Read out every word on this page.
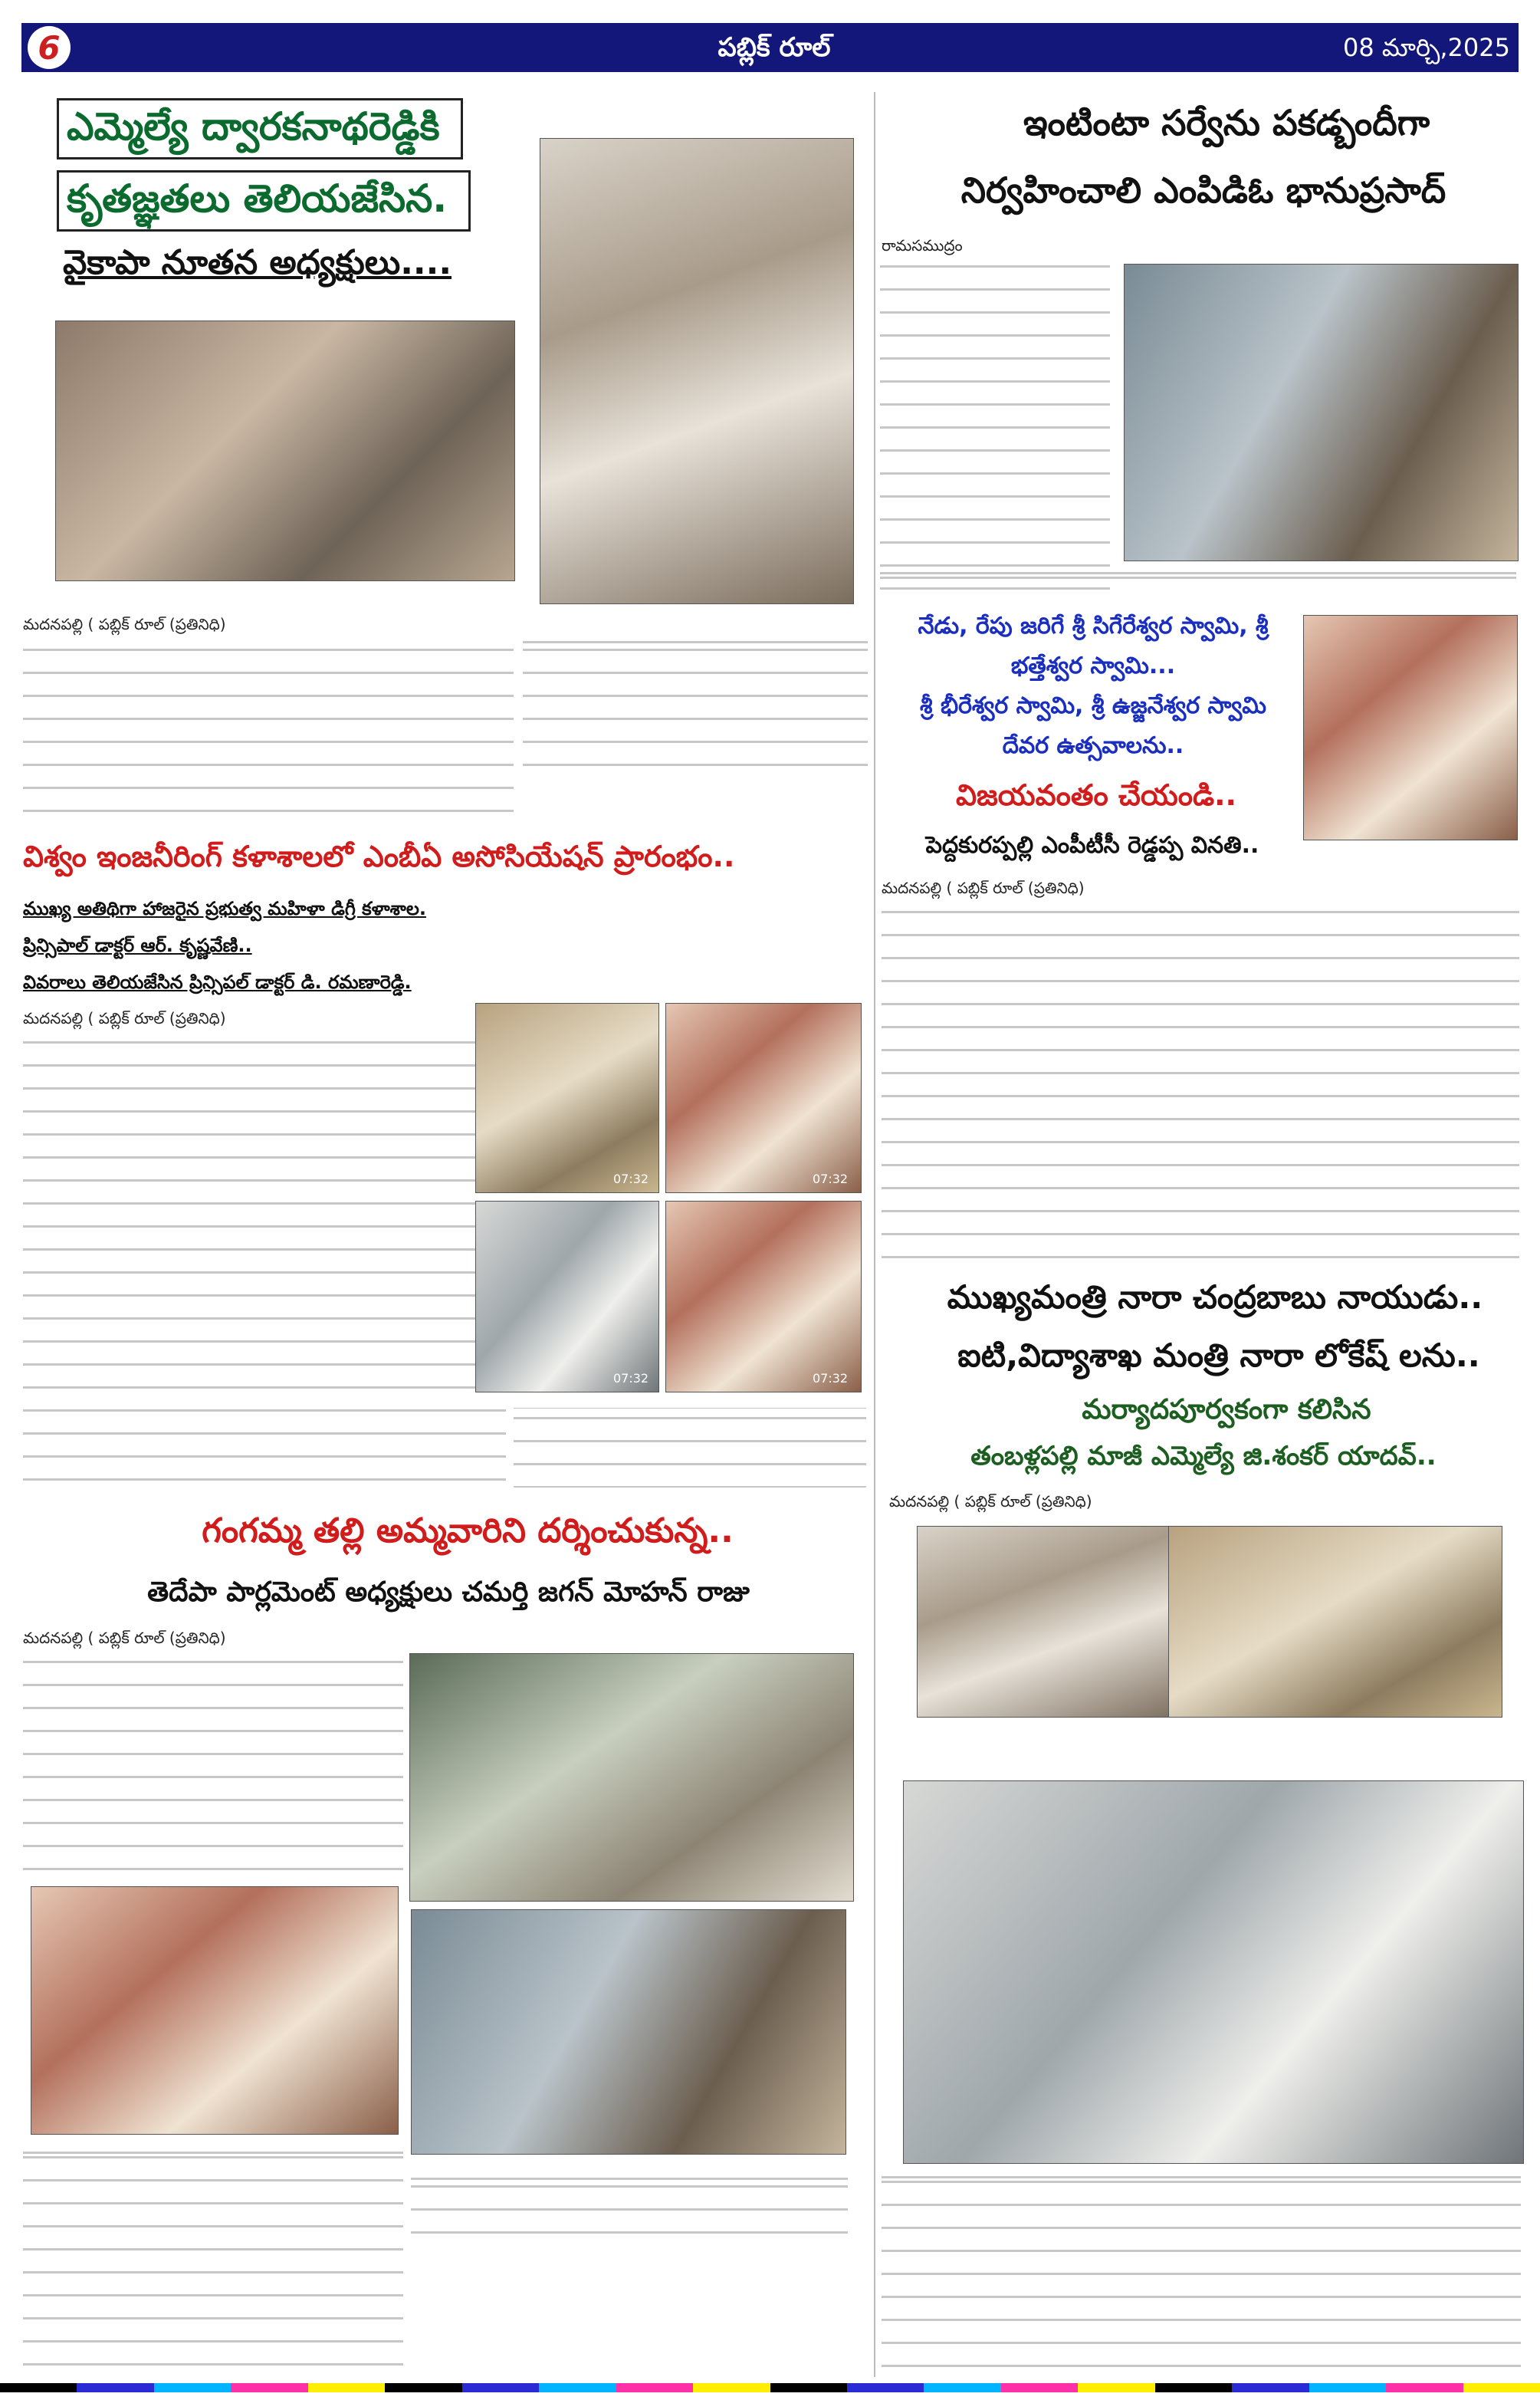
6	పబ్లిక్ రూల్	08 మార్చి,2025
ఎమ్మెల్యే ద్వారకనాథరెడ్డికి
కృతజ్ఞతలు తెలియజేసిన.
వైకాపా నూతన అధ్యక్షులు....
మదనపల్లి ( పబ్లిక్ రూల్ (ప్రతినిధి)
ఇంటింటా సర్వేను పకడ్బందీగా
నిర్వహించాలి ఎంపిడిఓ భానుప్రసాద్
రామసముద్రం
నేడు, రేపు జరిగే శ్రీ సిగేరేశ్వర స్వామి, శ్రీ
భత్తేశ్వర స్వామి...
శ్రీ భీరేశ్వర స్వామి, శ్రీ ఉజ్జనేశ్వర స్వామి
దేవర ఉత్సవాలను..
విజయవంతం చేయండి..
పెద్దకురప్పల్లి ఎంపీటీసీ రెడ్డప్ప వినతి..
మదనపల్లి ( పబ్లిక్ రూల్ (ప్రతినిధి)
విశ్వం ఇంజనీరింగ్ కళాశాలలో ఎంబీఏ అసోసియేషన్ ప్రారంభం..
ముఖ్య అతిథిగా హాజరైన ప్రభుత్వ మహిళా డిగ్రీ కళాశాల.
ప్రిన్సిపాల్ డాక్టర్ ఆర్. కృష్ణవేణి..
వివరాలు తెలియజేసిన ప్రిన్సిపల్ డాక్టర్ డి. రమణారెడ్డి.
మదనపల్లి ( పబ్లిక్ రూల్ (ప్రతినిధి)
07:32	07:32
07:32	07:32
ముఖ్యమంత్రి నారా చంద్రబాబు నాయుడు..
ఐటి,విద్యాశాఖ మంత్రి నారా లోకేష్ లను..
మర్యాదపూర్వకంగా కలిసిన
తంబళ్లపల్లి మాజీ ఎమ్మెల్యే జి.శంకర్ యాదవ్..
మదనపల్లి ( పబ్లిక్ రూల్ (ప్రతినిధి)
గంగమ్మ తల్లి అమ్మవారిని దర్శించుకున్న..
తెదేపా పార్లమెంట్ అధ్యక్షులు చమర్తి జగన్ మోహన్ రాజు
మదనపల్లి ( పబ్లిక్ రూల్ (ప్రతినిధి)
